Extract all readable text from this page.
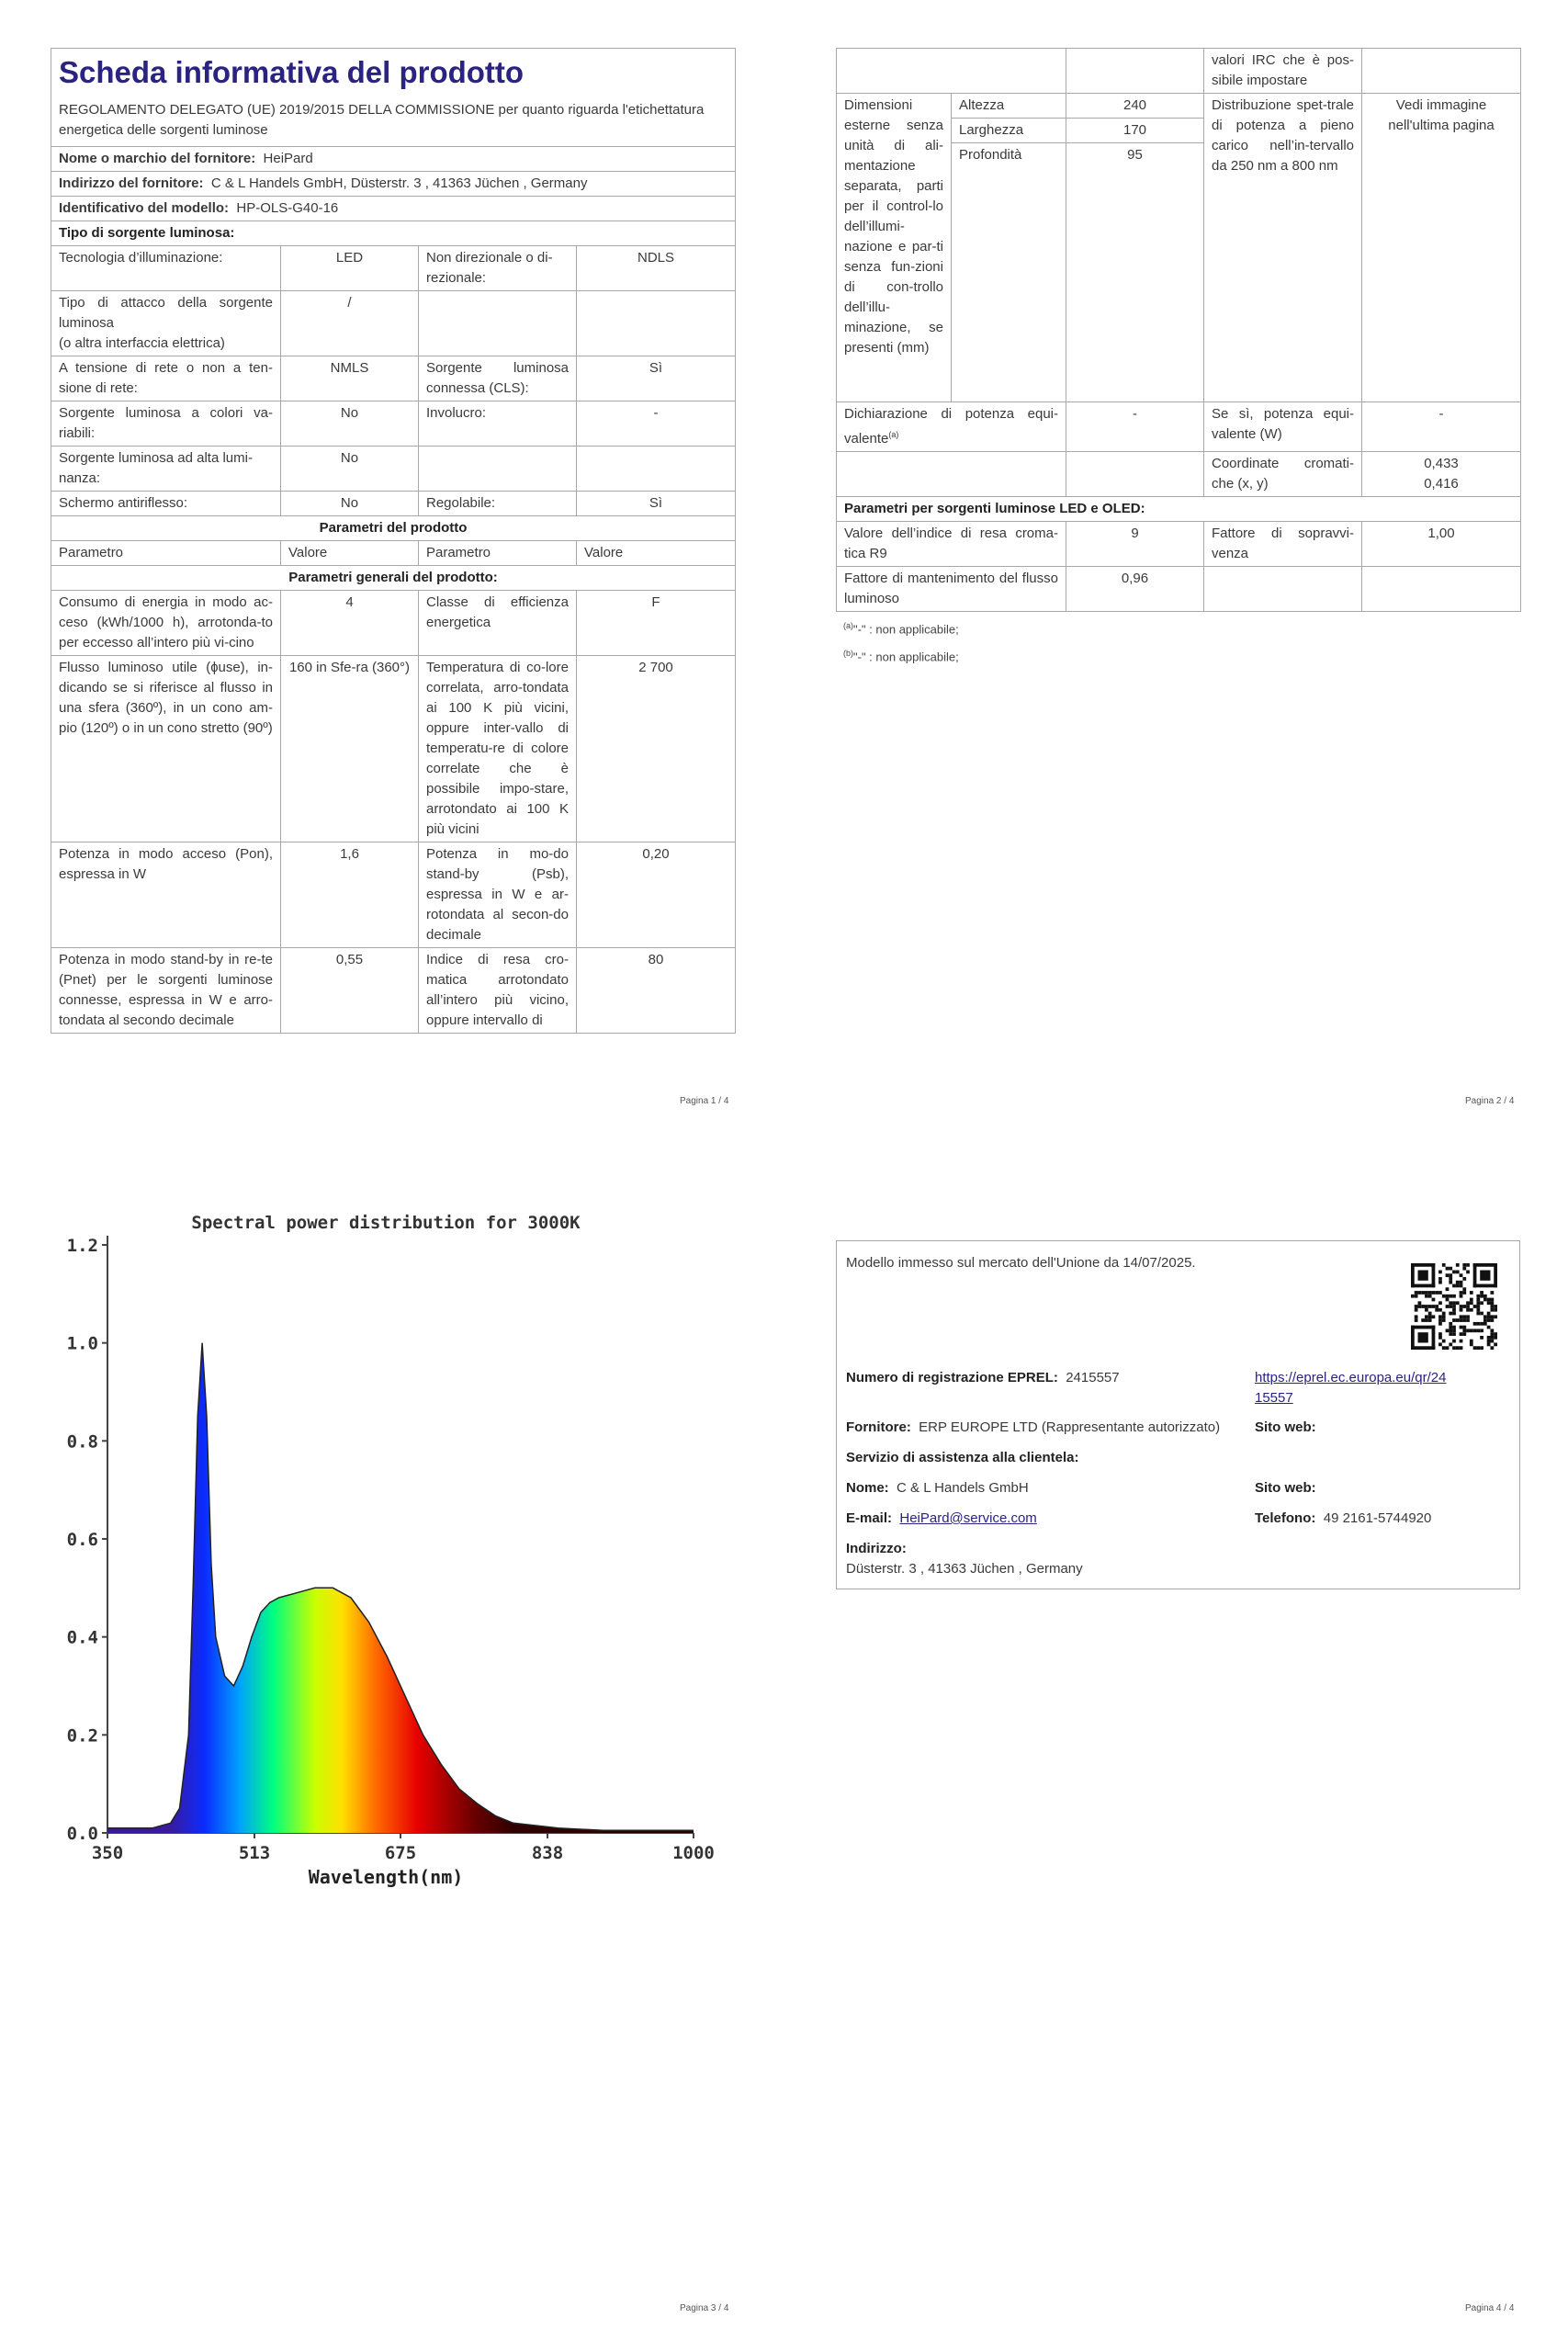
Scheda informativa del prodotto
REGOLAMENTO DELEGATO (UE) 2019/2015 DELLA COMMISSIONE per quanto riguarda l'etichettatura energetica delle sorgenti luminose			

Nome o marchio del fornitore: HeiPard			
Indirizzo del fornitore: C & L Handels GmbH, Düsterstr. 3 , 41363 Jüchen , Germany			
Identificativo del modello: HP-OLS-G40-16			
Tipo di sorgente luminosa:			
Tecnologia d’illuminazione:	LED	Non direzionale o di-rezionale:	NDLS

Tipo di attacco della sorgente luminosa
(o altra interfaccia elettrica)	/		
A tensione di rete o non a ten-sione di rete:	NMLS	Sorgente luminosa connessa (CLS):	Sì
Sorgente luminosa a colori va-riabili:	No	Involucro:	-
Sorgente luminosa ad alta lumi-nanza:	No		
Schermo antiriflesso:	No	Regolabile:	Sì
Parametri del prodotto			
Parametro	Valore	Parametro	Valore
Parametri generali del prodotto:			
Consumo di energia in modo ac-ceso (kWh/1000 h), arrotonda-to per eccesso all’intero più vi-cino	4	Classe di efficienza energetica	F
Flusso luminoso utile (ɸuse), in-dicando se si riferisce al flusso in una sfera (360º), in un cono am-pio (120º) o in un cono stretto (90º)	160 in Sfe-ra (360°)	Temperatura di co-lore correlata, arro-tondata ai 100 K più vicini, oppure inter-vallo di temperatu-re di colore correlate che è possibile impo-stare, arrotondato ai 100 K più vicini	2 700
Potenza in modo acceso (Pon), espressa in W	1,6	Potenza in mo-do stand-by (Psb), espressa in W e ar-rotondata al secon-do decimale	0,20
Potenza in modo stand-by in re-te (Pnet) per le sorgenti luminose connesse, espressa in W e arro-tondata al secondo decimale	0,55	Indice di resa cro-matica arrotondato all’intero più vicino, oppure intervallo di	80
Pagina 1 / 4
			valori IRC che è pos-sibile impostare	
Dimensioni esterne senza unità di ali-mentazione separata, parti per il control-lo dell’illumi-nazione e par-ti senza fun-zioni di con-trollo dell’illu-minazione, se presenti (mm)	Altezza	240	Distribuzione spet-trale di potenza a pieno carico nell’in-tervallo da 250 nm a 800 nm	Vedi immagine nell'ultima pagina
	Larghezza	170		
	Profondità	95		
Dichiarazione di potenza equi-valente$^{(a)}$		-	Se sì, potenza equi-valente (W)	-
			Coordinate cromati-che (x, y)	0,433
0,416

Parametri per sorgenti luminose LED e OLED:				
Valore dell’indice di resa croma-tica R9		9	Fattore di sopravvi-venza	1,00
Fattore di mantenimento del flusso luminoso		0,96		
$^{(a)}$"-" : non applicabile;
$^{(b)}$"-" : non applicabile;
Pagina 2 / 4
Spectral power distribution for 3000K
0.0
0.2
0.4
0.6
0.8
1.0
1.2
350	513	675	838	1000
Wavelength(nm)
Pagina 3 / 4
Modello immesso sul mercato dell'Unione da 14/07/2025.
Numero di registrazione EPREL: 2415557	https://eprel.ec.europa.eu/qr/24
15557
Fornitore: ERP EUROPE LTD (Rappresentante autorizzato)	Sito web:
Servizio di assistenza alla clientela:
Nome: C & L Handels GmbH	Sito web:
E-mail: HeiPard@service.com	Telefono: 49 2161-5744920
Indirizzo:
Düsterstr. 3 , 41363 Jüchen , Germany
Pagina 4 / 4
